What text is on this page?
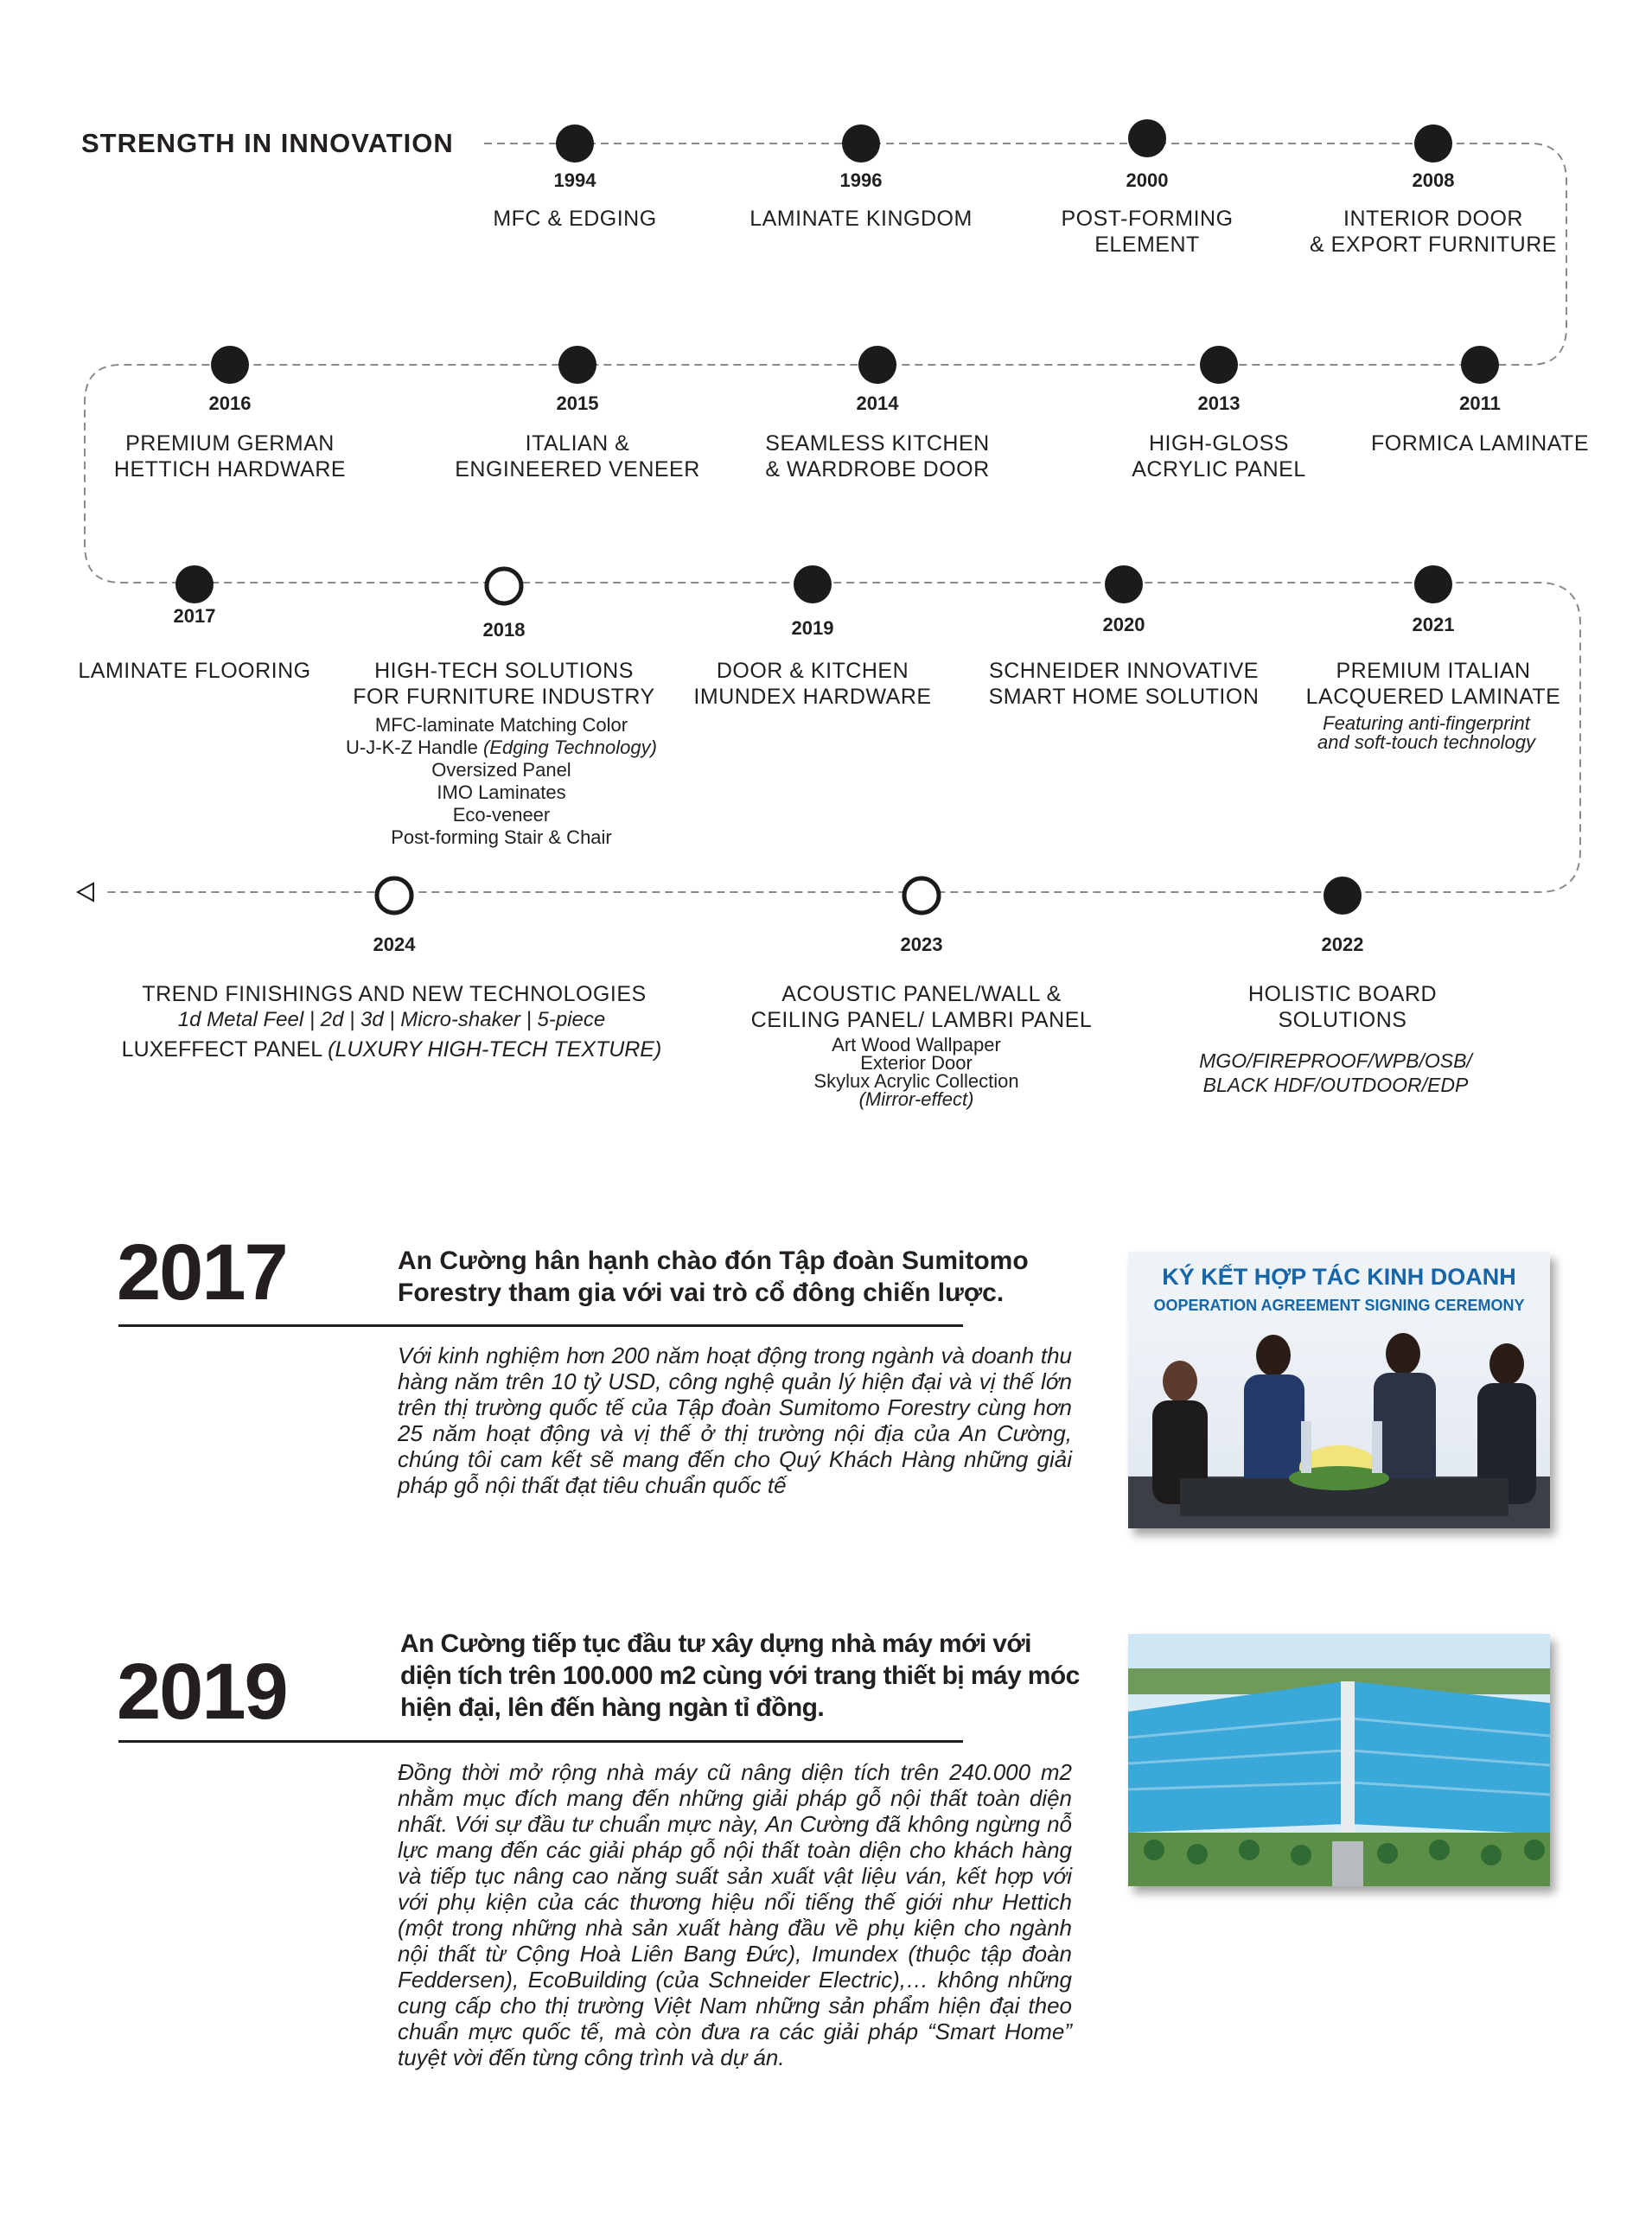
STRENGTH IN INNOVATION
1994
MFC & EDGING
1996
LAMINATE KINGDOM
2000
POST-FORMING
ELEMENT
2008
INTERIOR DOOR
& EXPORT FURNITURE
2011
FORMICA LAMINATE
2013
HIGH-GLOSS
ACRYLIC PANEL
2014
SEAMLESS KITCHEN
& WARDROBE DOOR
2015
ITALIAN &
ENGINEERED VENEER
2016
PREMIUM GERMAN
HETTICH HARDWARE
2017
LAMINATE FLOORING
2018
HIGH-TECH SOLUTIONS
FOR FURNITURE INDUSTRY
2019
DOOR & KITCHEN
IMUNDEX HARDWARE
2020
SCHNEIDER INNOVATIVE
SMART HOME SOLUTION
2021
PREMIUM ITALIAN
LACQUERED LAMINATE
2022
HOLISTIC BOARD
SOLUTIONS
2023
ACOUSTIC PANEL/WALL &
CEILING PANEL/ LAMBRI PANEL
2024
TREND FINISHINGS AND NEW TECHNOLOGIES
MFC-laminate Matching Color
U-J-K-Z Handle (Edging Technology)
Oversized Panel
IMO Laminates
Eco-veneer
Post-forming Stair & Chair
Featuring anti-fingerprint
and soft-touch technology
MGO/FIREPROOF/WPB/OSB/
BLACK HDF/OUTDOOR/EDP
Art Wood Wallpaper
Exterior Door
Skylux Acrylic Collection
(Mirror-effect)
1d Metal Feel | 2d | 3d | Micro-shaker | 5-piece
LUXEFFECT PANEL (LUXURY HIGH-TECH TEXTURE)
2017	An Cường hân hạnh chào đón Tập đoàn Sumitomo Forestry tham gia với vai trò cổ đông chiến lược.
Với kinh nghiệm hơn 200 năm hoạt động trong ngành và doanh thu hàng năm trên 10 tỷ USD, công nghệ quản lý hiện đại và vị thế lớn trên thị trường quốc tế của Tập đoàn Sumitomo Forestry cùng hơn 25 năm hoạt động và vị thế ở thị trường nội địa của An Cường, chúng tôi cam kết sẽ mang đến cho Quý Khách Hàng những giải pháp gỗ nội thất đạt tiêu chuẩn quốc tế
KÝ KẾT HỢP TÁC KINH DOANH
OOPERATION AGREEMENT SIGNING CEREMONY
2019
An Cường tiếp tục đầu tư xây dựng nhà máy mới với diện tích trên 100.000 m2 cùng với trang thiết bị máy móc hiện đại, lên đến hàng ngàn tỉ đồng.
Đồng thời mở rộng nhà máy cũ nâng diện tích trên 240.000 m2 nhằm mục đích mang đến những giải pháp gỗ nội thất toàn diện nhất. Với sự đầu tư chuẩn mực này, An Cường đã không ngừng nỗ lực mang đến các giải pháp gỗ nội thất toàn diện cho khách hàng và tiếp tục nâng cao năng suất sản xuất vật liệu ván, kết hợp với với phụ kiện của các thương hiệu nổi tiếng thế giới như Hettich (một trong những nhà sản xuất hàng đầu về phụ kiện cho ngành nội thất từ Cộng Hoà Liên Bang Đức), Imundex (thuộc tập đoàn Feddersen), EcoBuilding (của Schneider Electric),… không những cung cấp cho thị trường Việt Nam những sản phẩm hiện đại theo chuẩn mực quốc tế, mà còn đưa ra các giải pháp “Smart Home” tuyệt vời đến từng công trình và dự án.
